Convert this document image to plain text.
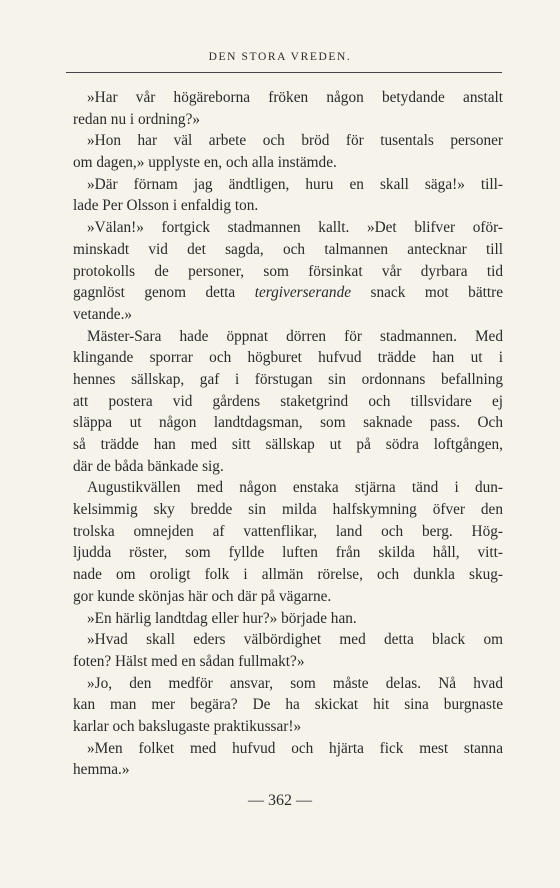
DEN STORA VREDEN.
»Har vår högäreborna fröken någon betydande anstalt
redan nu i ordning?»
»Hon har väl arbete och bröd för tusentals personer
om dagen,» upplyste en, och alla instämde.
»Där förnam jag ändtligen, huru en skall säga!» till-
lade Per Olsson i enfaldig ton.
»Välan!» fortgick stadmannen kallt. »Det blifver oför-
minskadt vid det sagda, och talmannen antecknar till
protokolls de personer, som försinkat vår dyrbara tid
gagnlöst genom detta tergiverserande snack mot bättre
vetande.»
Mäster-Sara hade öppnat dörren för stadmannen. Med
klingande sporrar och högburet hufvud trädde han ut i
hennes sällskap, gaf i förstugan sin ordonnans befallning
att postera vid gårdens staketgrind och tillsvidare ej
släppa ut någon landtdagsman, som saknade pass. Och
så trädde han med sitt sällskap ut på södra loftgången,
där de båda bänkade sig.
Augustikvällen med någon enstaka stjärna tänd i dun-
kelsimmig sky bredde sin milda halfskymning öfver den
trolska omnejden af vattenflikar, land och berg. Hög-
ljudda röster, som fyllde luften från skilda håll, vitt-
nade om oroligt folk i allmän rörelse, och dunkla skug-
gor kunde skönjas här och där på vägarne.
»En härlig landtdag eller hur?» började han.
»Hvad skall eders välbördighet med detta black om
foten? Hälst med en sådan fullmakt?»
»Jo, den medför ansvar, som måste delas. Nå hvad
kan man mer begära? De ha skickat hit sina burgnaste
karlar och bakslugaste praktikussar!»
»Men folket med hufvud och hjärta fick mest stanna
hemma.»
— 362 —
